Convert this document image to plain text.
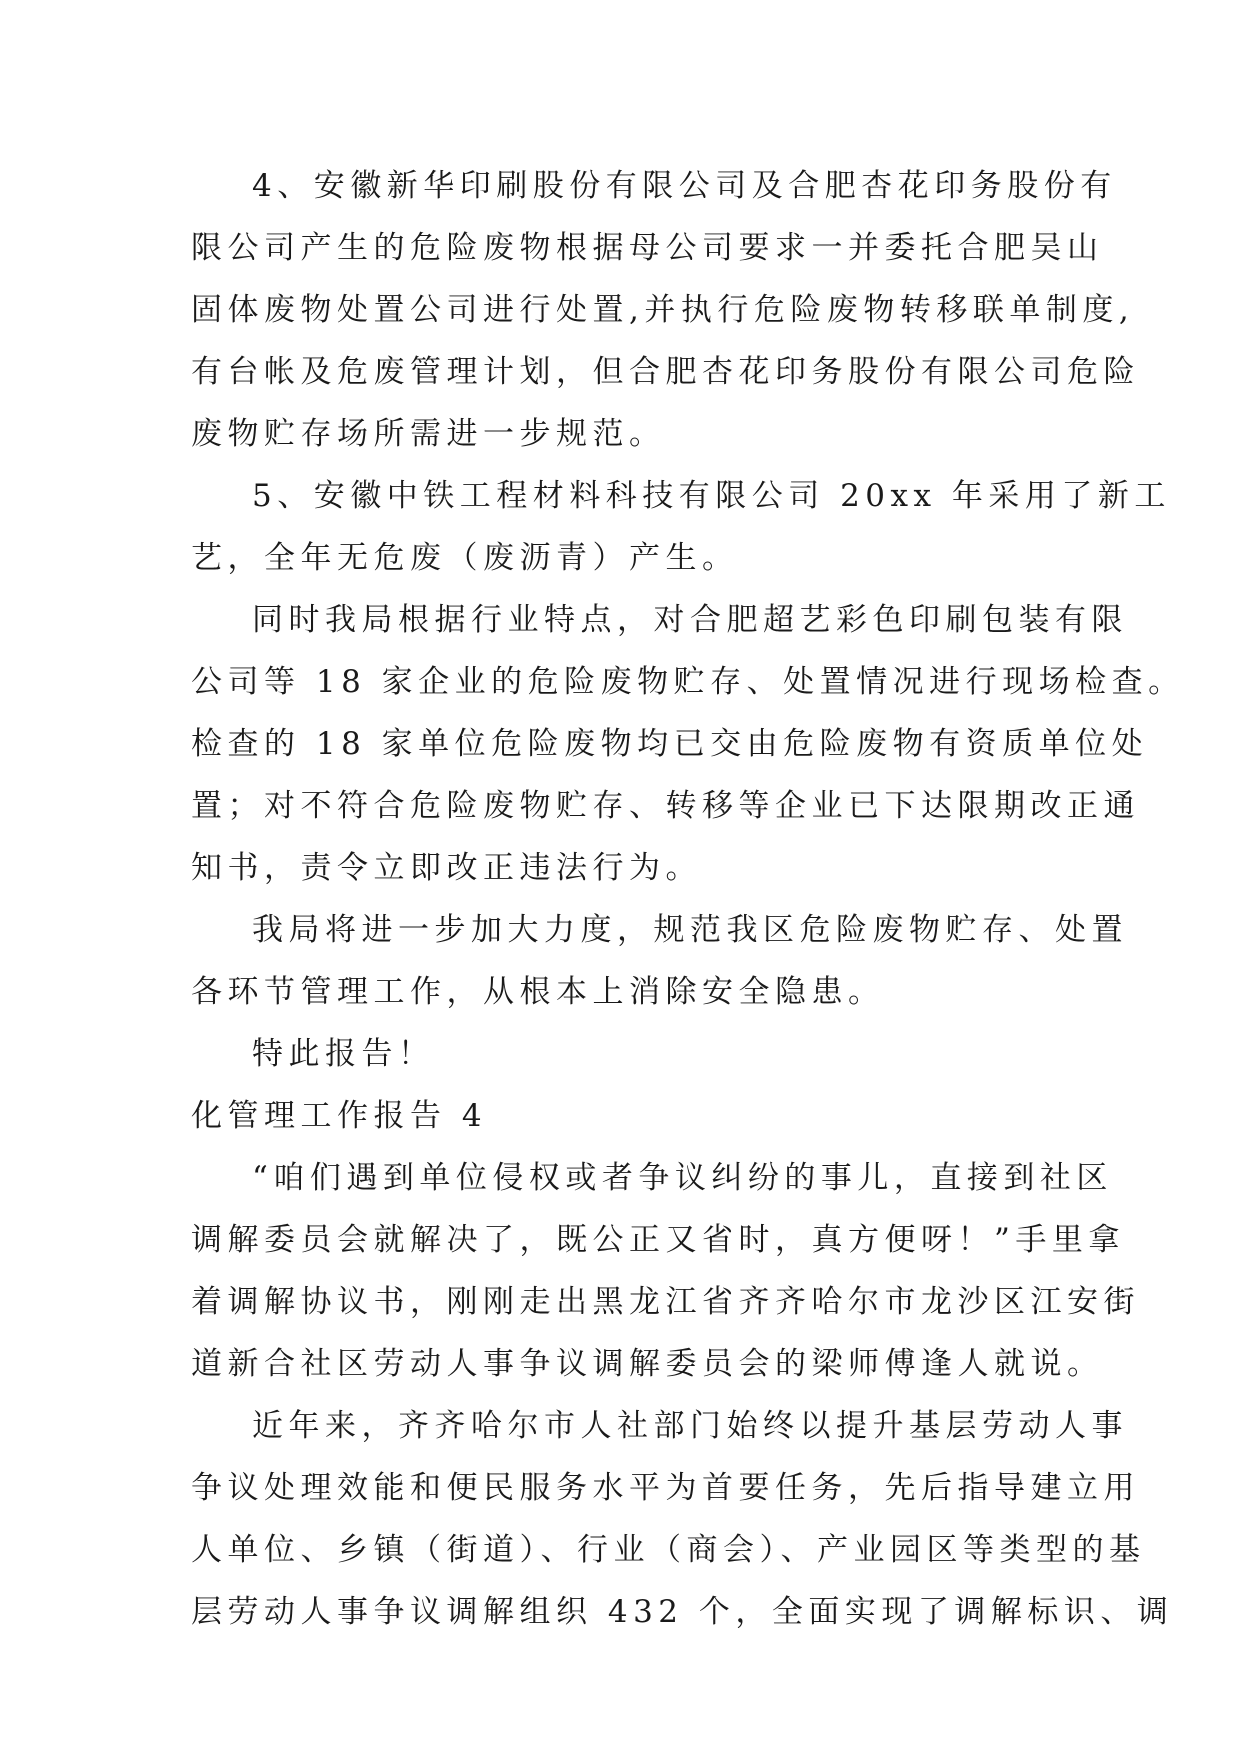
4、安徽新华印刷股份有限公司及合肥杏花印务股份有
限公司产生的危险废物根据母公司要求一并委托合肥吴山
固体废物处置公司进行处置,并执行危险废物转移联单制度,
有台帐及危废管理计划，但合肥杏花印务股份有限公司危险
废物贮存场所需进一步规范。
5、安徽中铁工程材料科技有限公司 20xx 年采用了新工
艺，全年无危废（废沥青）产生。
同时我局根据行业特点，对合肥超艺彩色印刷包装有限
公司等 18 家企业的危险废物贮存、处置情况进行现场检查。
检查的 18 家单位危险废物均已交由危险废物有资质单位处
置；对不符合危险废物贮存、转移等企业已下达限期改正通
知书，责令立即改正违法行为。
我局将进一步加大力度，规范我区危险废物贮存、处置
各环节管理工作，从根本上消除安全隐患。
特此报告！
化管理工作报告 4
“咱们遇到单位侵权或者争议纠纷的事儿，直接到社区
调解委员会就解决了，既公正又省时，真方便呀！”手里拿
着调解协议书，刚刚走出黑龙江省齐齐哈尔市龙沙区江安街
道新合社区劳动人事争议调解委员会的梁师傅逢人就说。
近年来，齐齐哈尔市人社部门始终以提升基层劳动人事
争议处理效能和便民服务水平为首要任务，先后指导建立用
人单位、乡镇（街道）、行业（商会）、产业园区等类型的基
层劳动人事争议调解组织 432 个，全面实现了调解标识、调
